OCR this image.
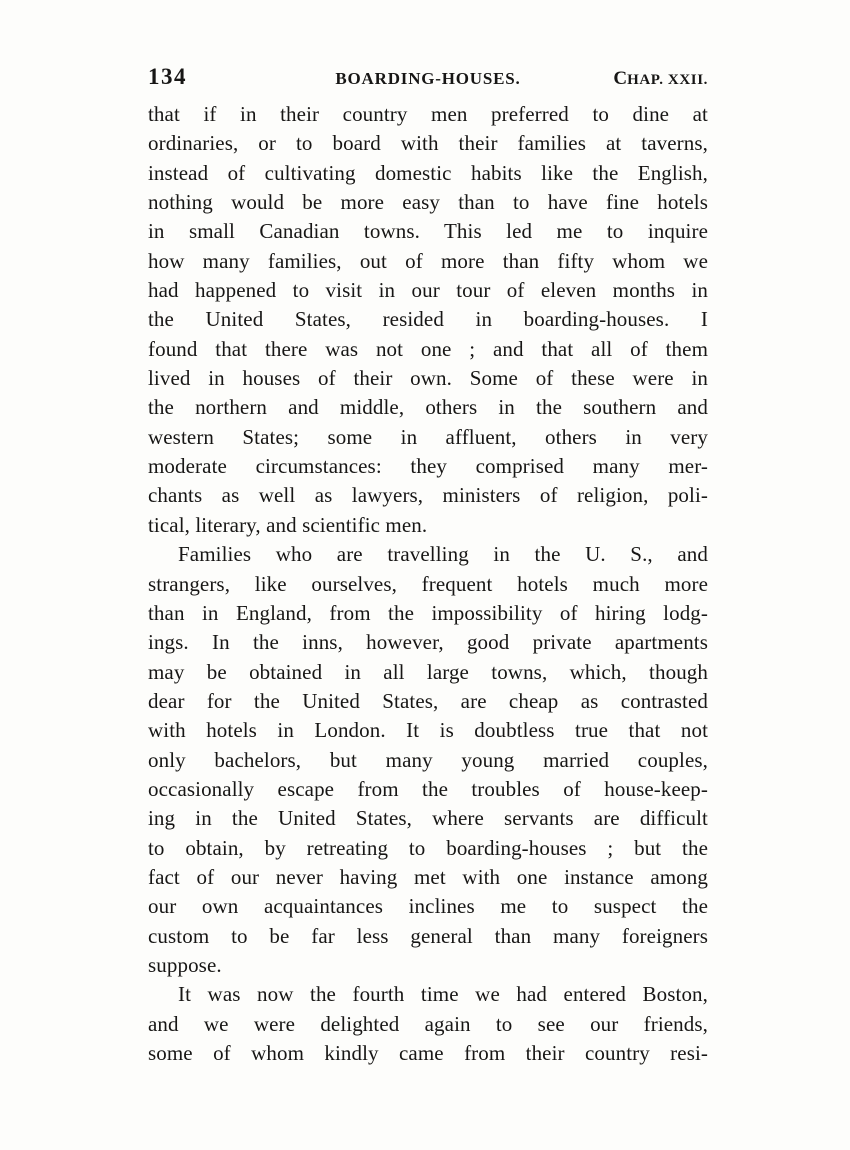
134	BOARDING-HOUSES.	CHAP. XXII.
that if in their country men preferred to dine at
ordinaries, or to board with their families at taverns,
instead of cultivating domestic habits like the English,
nothing would be more easy than to have fine hotels
in small Canadian towns. This led me to inquire
how many families, out of more than fifty whom we
had happened to visit in our tour of eleven months in
the United States, resided in boarding-houses. I
found that there was not one ; and that all of them
lived in houses of their own. Some of these were in
the northern and middle, others in the southern and
western States; some in affluent, others in very
moderate circumstances: they comprised many mer-
chants as well as lawyers, ministers of religion, poli-
tical, literary, and scientific men.
Families who are travelling in the U. S., and
strangers, like ourselves, frequent hotels much more
than in England, from the impossibility of hiring lodg-
ings. In the inns, however, good private apartments
may be obtained in all large towns, which, though
dear for the United States, are cheap as contrasted
with hotels in London. It is doubtless true that not
only bachelors, but many young married couples,
occasionally escape from the troubles of house-keep-
ing in the United States, where servants are difficult
to obtain, by retreating to boarding-houses ; but the
fact of our never having met with one instance among
our own acquaintances inclines me to suspect the
custom to be far less general than many foreigners
suppose.
It was now the fourth time we had entered Boston,
and we were delighted again to see our friends,
some of whom kindly came from their country resi-
